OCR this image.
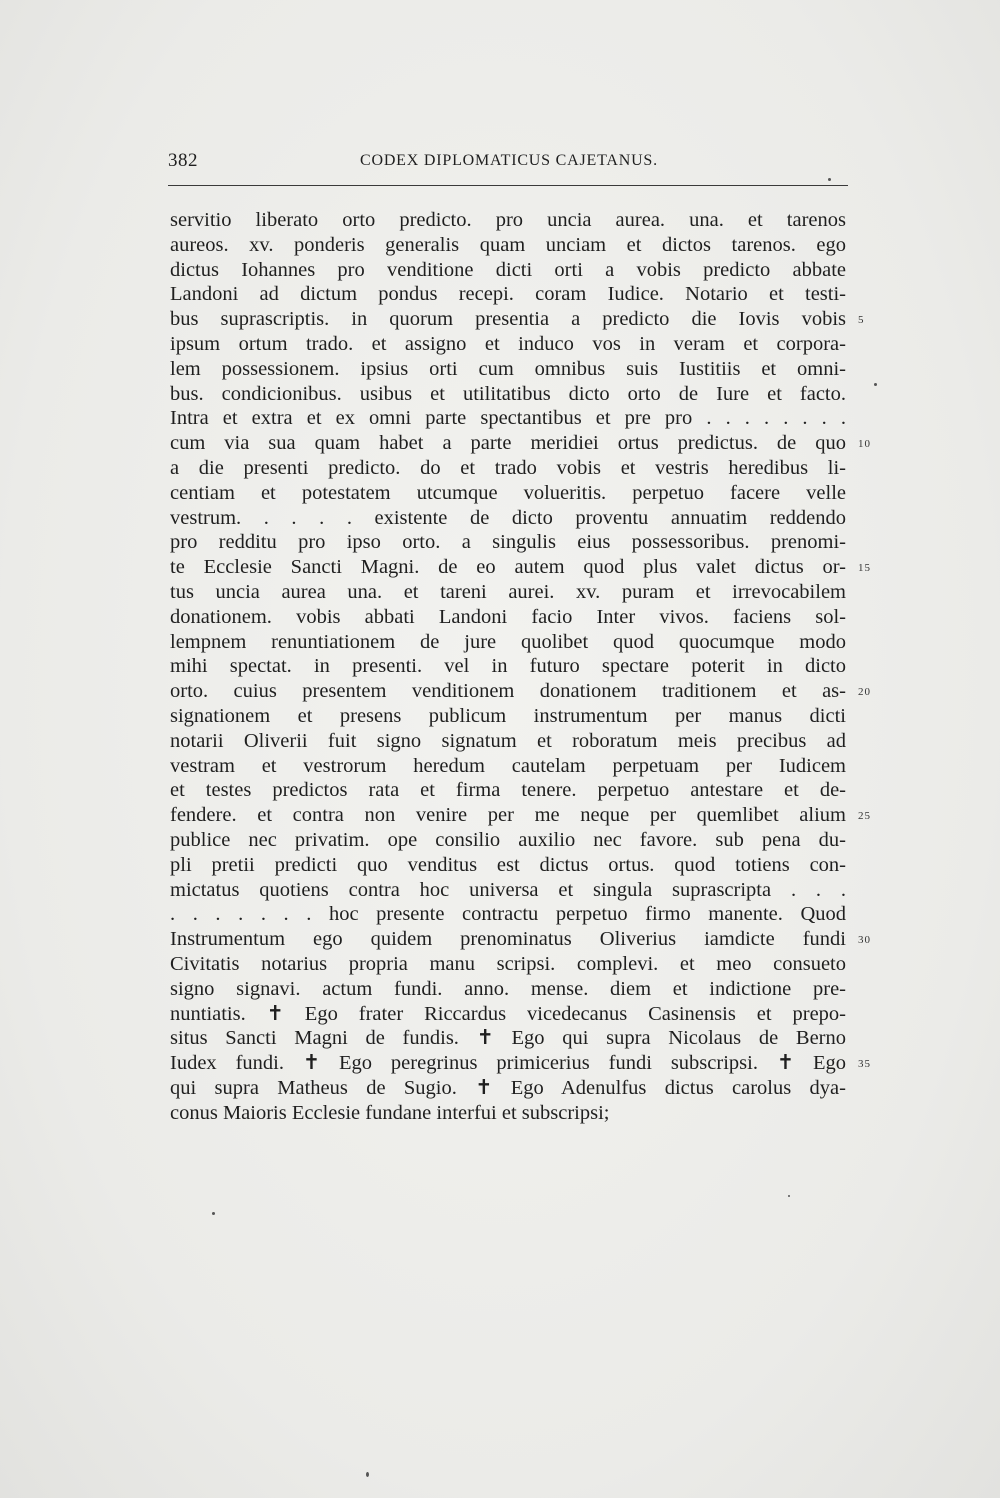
382	CODEX DIPLOMATICUS CAJETANUS.
servitio liberato orto predicto. pro uncia aurea. una. et tarenos
aureos. xv. ponderis generalis quam unciam et dictos tarenos. ego
dictus Iohannes pro venditione dicti orti a vobis predicto abbate
Landoni ad dictum pondus recepi. coram Iudice. Notario et testi-
bus suprascriptis. in quorum presentia a predicto die Iovis vobis
ipsum ortum trado. et assigno et induco vos in veram et corpora-
lem possessionem. ipsius orti cum omnibus suis Iustitiis et omni-
bus. condicionibus. usibus et utilitatibus dicto orto de Iure et facto.
Intra et extra et ex omni parte spectantibus et pre pro . . . . . . . .
cum via sua quam habet a parte meridiei ortus predictus. de quo
a die presenti predicto. do et trado vobis et vestris heredibus li-
centiam et potestatem utcumque volueritis. perpetuo facere velle
vestrum. . . . . existente de dicto proventu annuatim reddendo
pro redditu pro ipso orto. a singulis eius possessoribus. prenomi-
te Ecclesie Sancti Magni. de eo autem quod plus valet dictus or-
tus uncia aurea una. et tareni aurei. xv. puram et irrevocabilem
donationem. vobis abbati Landoni facio Inter vivos. faciens sol-
lempnem renuntiationem de jure quolibet quod quocumque modo
mihi spectat. in presenti. vel in futuro spectare poterit in dicto
orto. cuius presentem venditionem donationem traditionem et as-
signationem et presens publicum instrumentum per manus dicti
notarii Oliverii fuit signo signatum et roboratum meis precibus ad
vestram et vestrorum heredum cautelam perpetuam per Iudicem
et testes predictos rata et firma tenere. perpetuo antestare et de-
fendere. et contra non venire per me neque per quemlibet alium
publice nec privatim. ope consilio auxilio nec favore. sub pena du-
pli pretii predicti quo venditus est dictus ortus. quod totiens con-
mictatus quotiens contra hoc universa et singula suprascripta . . .
. . . . . . . hoc presente contractu perpetuo firmo manente. Quod
Instrumentum ego quidem prenominatus Oliverius iamdicte fundi
Civitatis notarius propria manu scripsi. complevi. et meo consueto
signo signavi. actum fundi. anno. mense. diem et indictione pre-
nuntiatis. ✝ Ego frater Riccardus vicedecanus Casinensis et prepo-
situs Sancti Magni de fundis. ✝ Ego qui supra Nicolaus de Berno
Iudex fundi. ✝ Ego peregrinus primicerius fundi subscripsi. ✝ Ego
qui supra Matheus de Sugio. ✝ Ego Adenulfus dictus carolus dya-
conus Maioris Ecclesie fundane interfui et subscripsi;
5
10
15
20
25
30
35
